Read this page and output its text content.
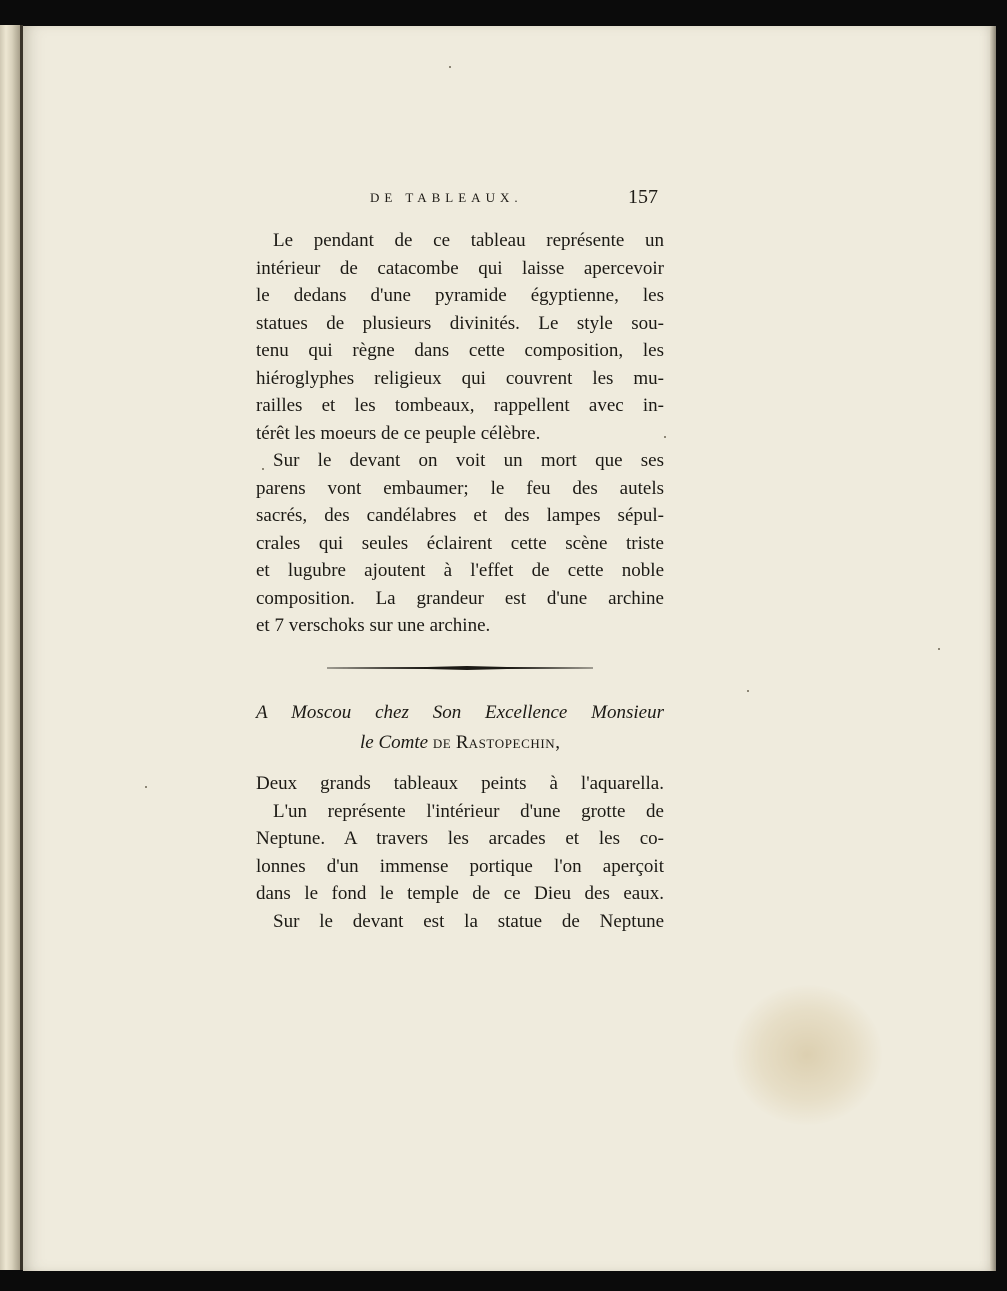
DE TABLEAUX.	157
Le pendant de ce tableau représente un
intérieur de catacombe qui laisse apercevoir
le dedans d'une pyramide égyptienne, les
statues de plusieurs divinités. Le style sou-
tenu qui règne dans cette composition, les
hiéroglyphes religieux qui couvrent les mu-
railles et les tombeaux, rappellent avec in-
térêt les moeurs de ce peuple célèbre.
Sur le devant on voit un mort que ses
parens vont embaumer; le feu des autels
sacrés, des candélabres et des lampes sépul-
crales qui seules éclairent cette scène triste
et lugubre ajoutent à l'effet de cette noble
composition. La grandeur est d'une archine
et 7 verschoks sur une archine.
A Moscou chez Son Excellence Monsieur
le Comte DE RASTOPECHIN,
Deux grands tableaux peints à l'aquarella.
L'un représente l'intérieur d'une grotte de
Neptune. A travers les arcades et les co-
lonnes d'un immense portique l'on aperçoit
dans le fond le temple de ce Dieu des eaux.
Sur le devant est la statue de Neptune
